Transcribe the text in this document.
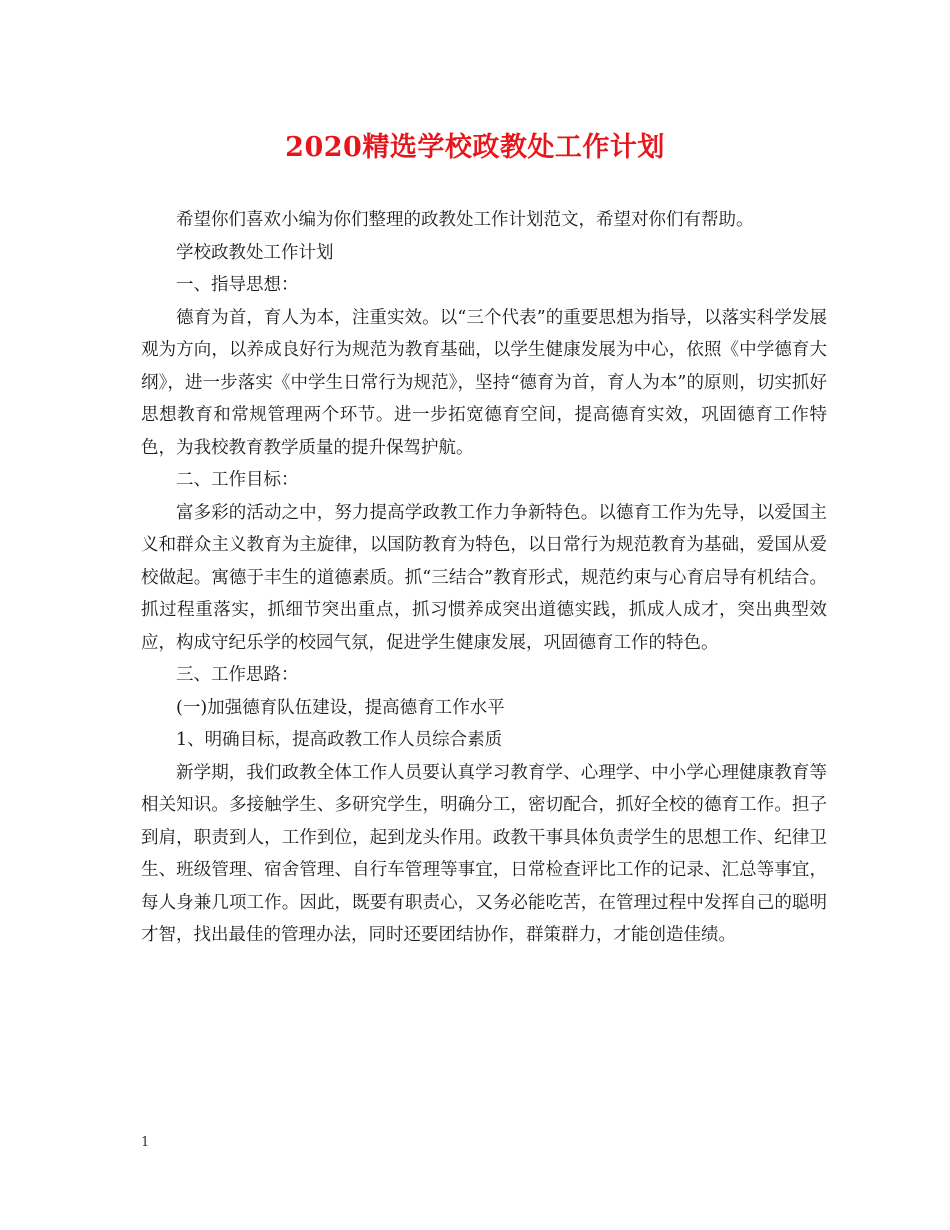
2020精选学校政教处工作计划

希望你们喜欢小编为你们整理的政教处工作计划范文，希望对你们有帮助。

学校政教处工作计划

一、指导思想：

德育为首，育人为本，注重实效。以“三个代表”的重要思想为指导，以落实科学发展观为方向，以养成良好行为规范为教育基础，以学生健康发展为中心，依照《中学德育大纲》，进一步落实《中学生日常行为规范》，坚持“德育为首，育人为本”的原则，切实抓好思想教育和常规管理两个环节。进一步拓宽德育空间，提高德育实效，巩固德育工作特色，为我校教育教学质量的提升保驾护航。

二、工作目标：

富多彩的活动之中，努力提高学政教工作力争新特色。以德育工作为先导，以爱国主义和群众主义教育为主旋律，以国防教育为特色，以日常行为规范教育为基础，爱国从爱校做起。寓德于丰生的道德素质。抓“三结合”教育形式，规范约束与心育启导有机结合。抓过程重落实，抓细节突出重点，抓习惯养成突出道德实践，抓成人成才，突出典型效应，构成守纪乐学的校园气氛，促进学生健康发展，巩固德育工作的特色。

三、工作思路：

(一)加强德育队伍建设，提高德育工作水平

1、明确目标，提高政教工作人员综合素质

新学期，我们政教全体工作人员要认真学习教育学、心理学、中小学心理健康教育等相关知识。多接触学生、多研究学生，明确分工，密切配合，抓好全校的德育工作。担子到肩，职责到人，工作到位，起到龙头作用。政教干事具体负责学生的思想工作、纪律卫生、班级管理、宿舍管理、自行车管理等事宜，日常检查评比工作的记录、汇总等事宜，每人身兼几项工作。因此，既要有职责心，又务必能吃苦，在管理过程中发挥自己的聪明才智，找出最佳的管理办法，同时还要团结协作，群策群力，才能创造佳绩。

1
